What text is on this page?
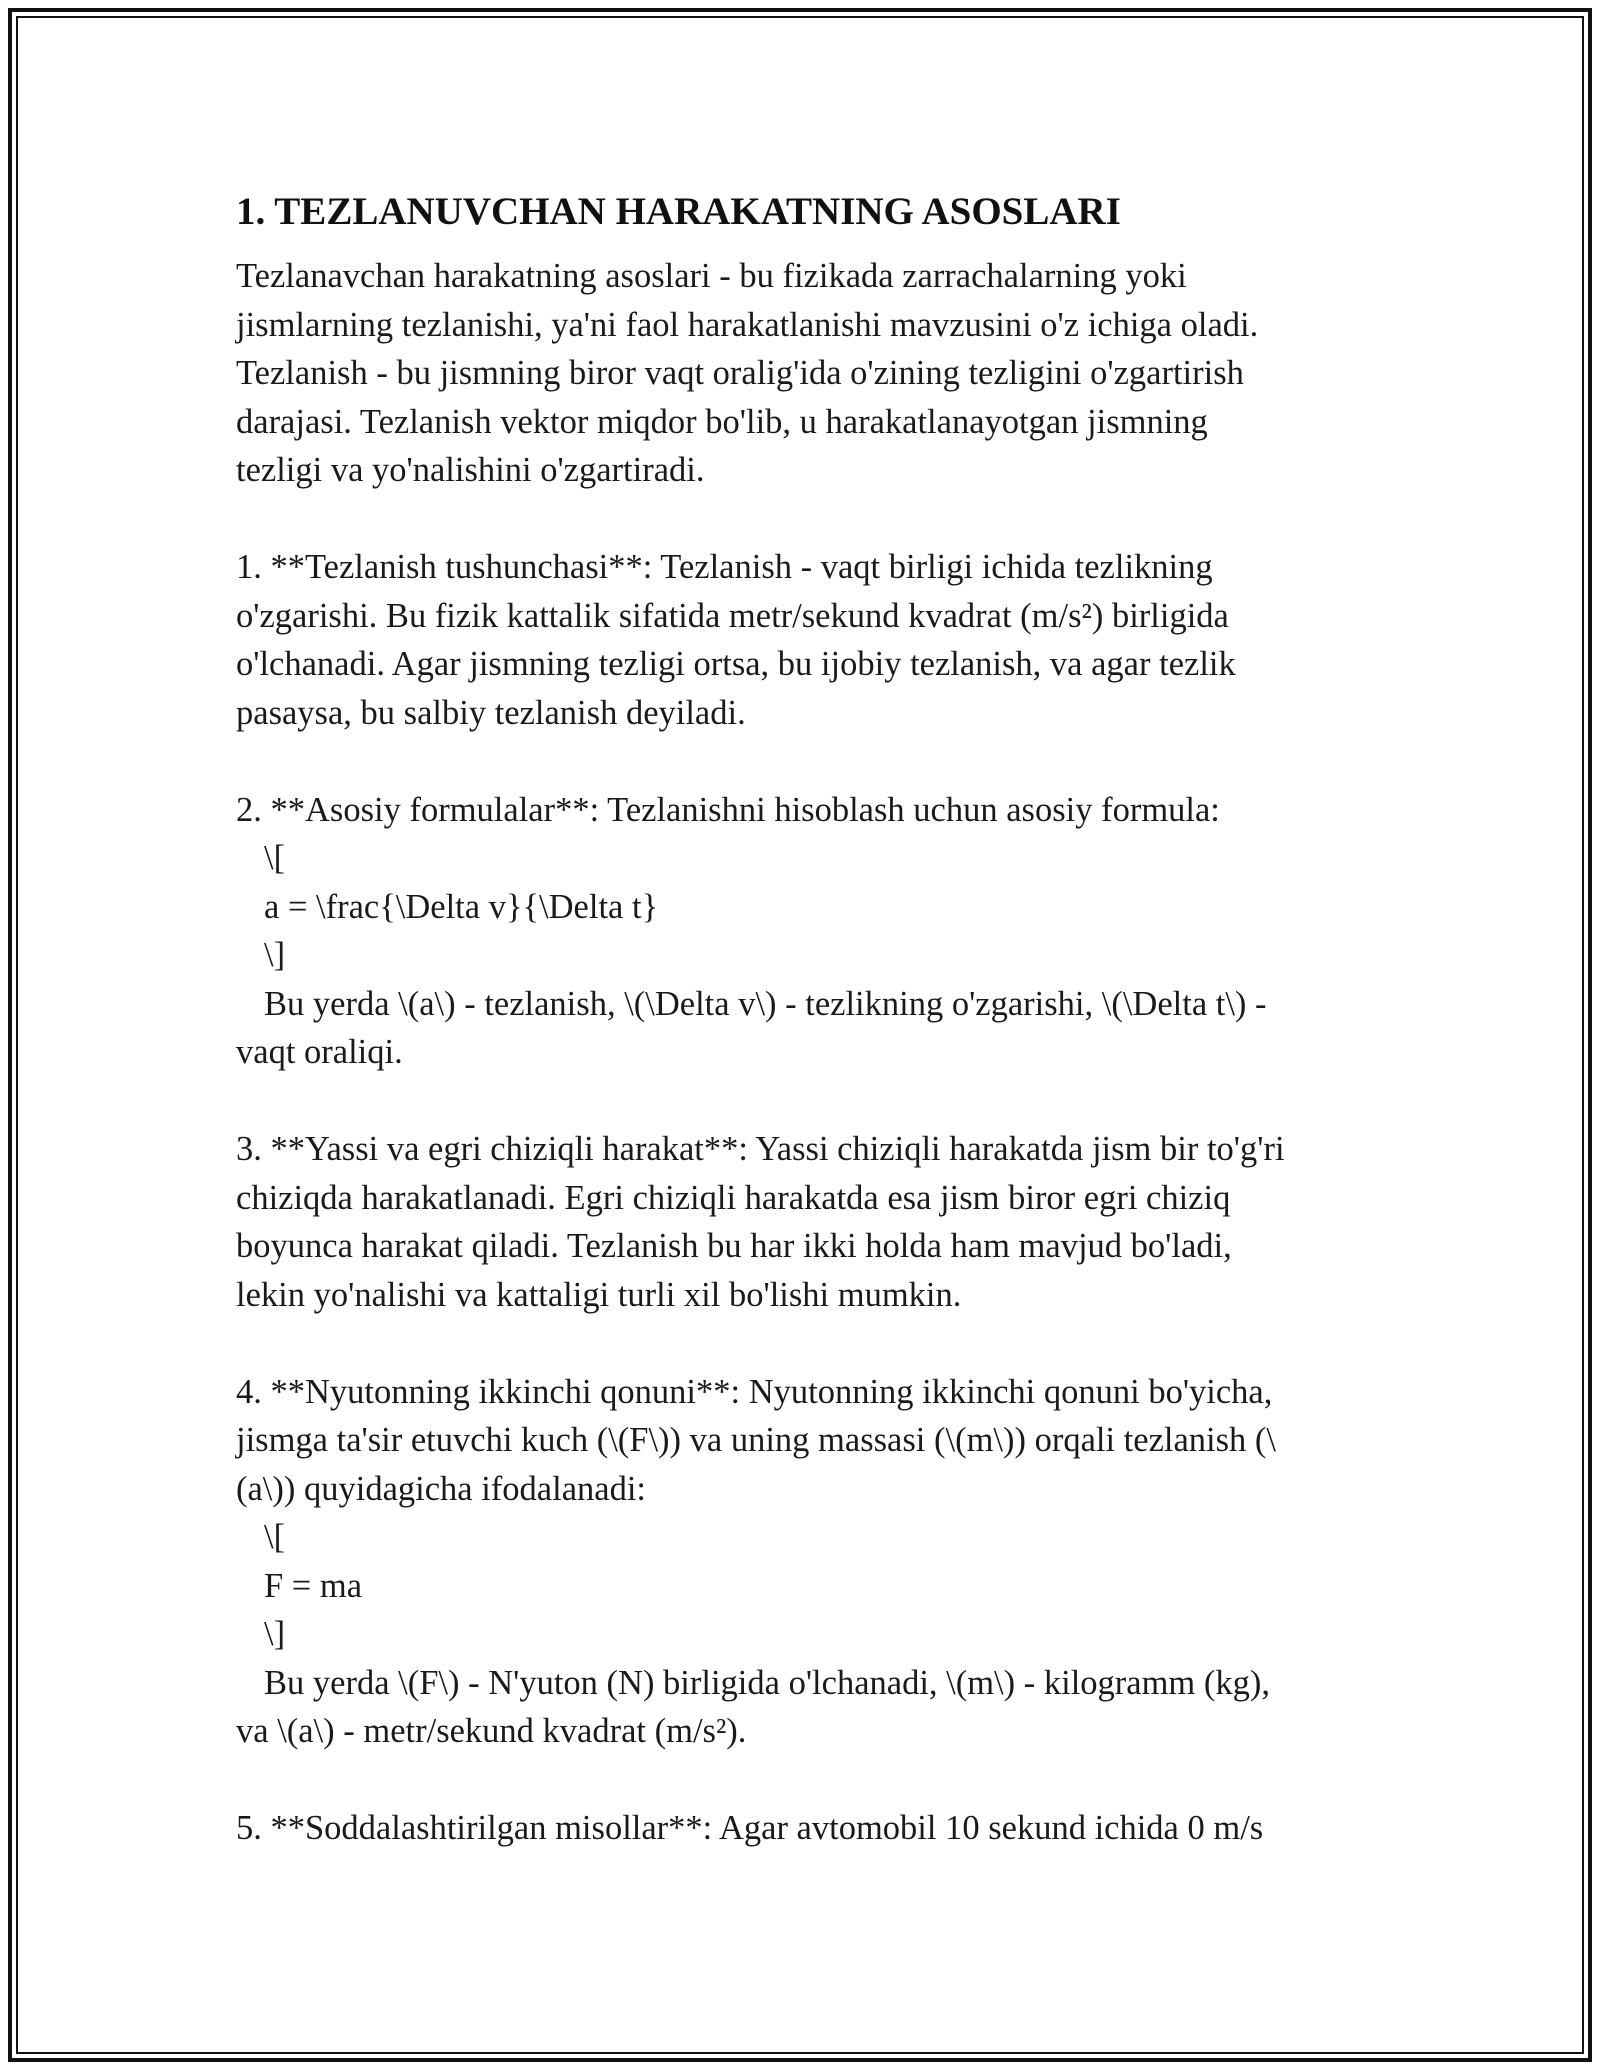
1. TEZLANUVCHAN HARAKATNING ASOSLARI
Tezlanavchan harakatning asoslari - bu fizikada zarrachalarning yoki
jismlarning tezlanishi, ya'ni faol harakatlanishi mavzusini o'z ichiga oladi.
Tezlanish - bu jismning biror vaqt oralig'ida o'zining tezligini o'zgartirish
darajasi. Tezlanish vektor miqdor bo'lib, u harakatlanayotgan jismning
tezligi va yo'nalishini o'zgartiradi.
1. **Tezlanish tushunchasi**: Tezlanish - vaqt birligi ichida tezlikning
o'zgarishi. Bu fizik kattalik sifatida metr/sekund kvadrat (m/s²) birligida
o'lchanadi. Agar jismning tezligi ortsa, bu ijobiy tezlanish, va agar tezlik
pasaysa, bu salbiy tezlanish deyiladi.
2. **Asosiy formulalar**: Tezlanishni hisoblash uchun asosiy formula:
\[
a = \frac{\Delta v}{\Delta t}
\]
Bu yerda \(a\) - tezlanish, \(\Delta v\) - tezlikning o'zgarishi, \(\Delta t\) -
vaqt oraliqi.
3. **Yassi va egri chiziqli harakat**: Yassi chiziqli harakatda jism bir to'g'ri
chiziqda harakatlanadi. Egri chiziqli harakatda esa jism biror egri chiziq
boyunca harakat qiladi. Tezlanish bu har ikki holda ham mavjud bo'ladi,
lekin yo'nalishi va kattaligi turli xil bo'lishi mumkin.
4. **Nyutonning ikkinchi qonuni**: Nyutonning ikkinchi qonuni bo'yicha,
jismga ta'sir etuvchi kuch (\(F\)) va uning massasi (\(m\)) orqali tezlanish (\
(a\)) quyidagicha ifodalanadi:
\[
F = ma
\]
Bu yerda \(F\) - N'yuton (N) birligida o'lchanadi, \(m\) - kilogramm (kg),
va \(a\) - metr/sekund kvadrat (m/s²).
5. **Soddalashtirilgan misollar**: Agar avtomobil 10 sekund ichida 0 m/s
